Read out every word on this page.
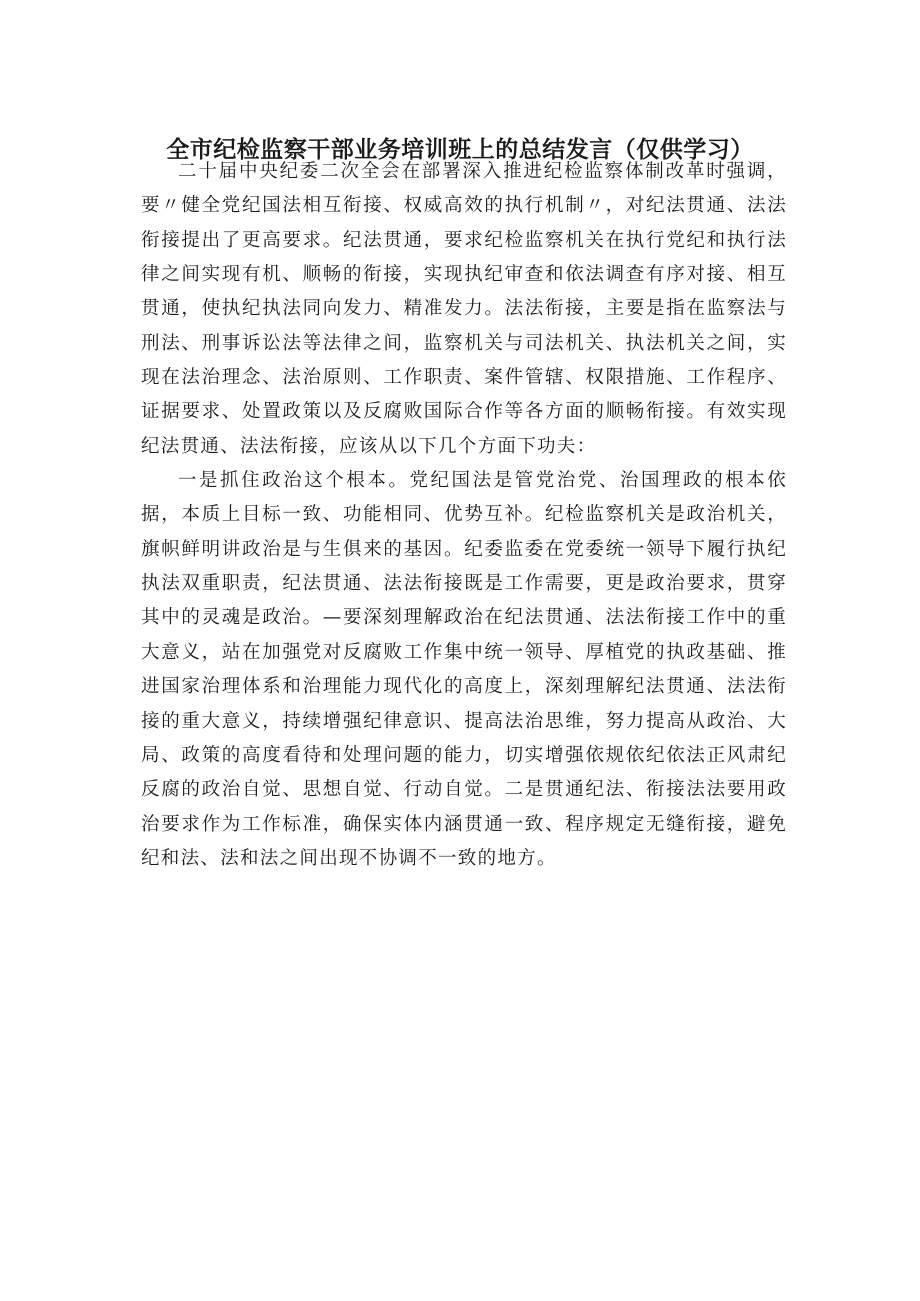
全市纪检监察干部业务培训班上的总结发言（仅供学习）

二十届中央纪委二次全会在部署深入推进纪检监察体制改革时强调，要〃健全党纪国法相互衔接、权威高效的执行机制〃，对纪法贯通、法法衔接提出了更高要求。纪法贯通，要求纪检监察机关在执行党纪和执行法律之间实现有机、顺畅的衔接，实现执纪审查和依法调查有序对接、相互贯通，使执纪执法同向发力、精准发力。法法衔接，主要是指在监察法与刑法、刑事诉讼法等法律之间，监察机关与司法机关、执法机关之间，实现在法治理念、法治原则、工作职责、案件管辖、权限措施、工作程序、证据要求、处置政策以及反腐败国际合作等各方面的顺畅衔接。有效实现纪法贯通、法法衔接，应该从以下几个方面下功夫：

一是抓住政治这个根本。党纪国法是管党治党、治国理政的根本依据，本质上目标一致、功能相同、优势互补。纪检监察机关是政治机关，旗帜鲜明讲政治是与生俱来的基因。纪委监委在党委统一领导下履行执纪执法双重职责，纪法贯通、法法衔接既是工作需要，更是政治要求，贯穿其中的灵魂是政治。—要深刻理解政治在纪法贯通、法法衔接工作中的重大意义，站在加强党对反腐败工作集中统一领导、厚植党的执政基础、推进国家治理体系和治理能力现代化的高度上，深刻理解纪法贯通、法法衔接的重大意义，持续增强纪律意识、提高法治思维，努力提高从政治、大局、政策的高度看待和处理问题的能力，切实增强依规依纪依法正风肃纪反腐的政治自觉、思想自觉、行动自觉。二是贯通纪法、衔接法法要用政治要求作为工作标准，确保实体内涵贯通一致、程序规定无缝衔接，避免纪和法、法和法之间出现不协调不一致的地方。
